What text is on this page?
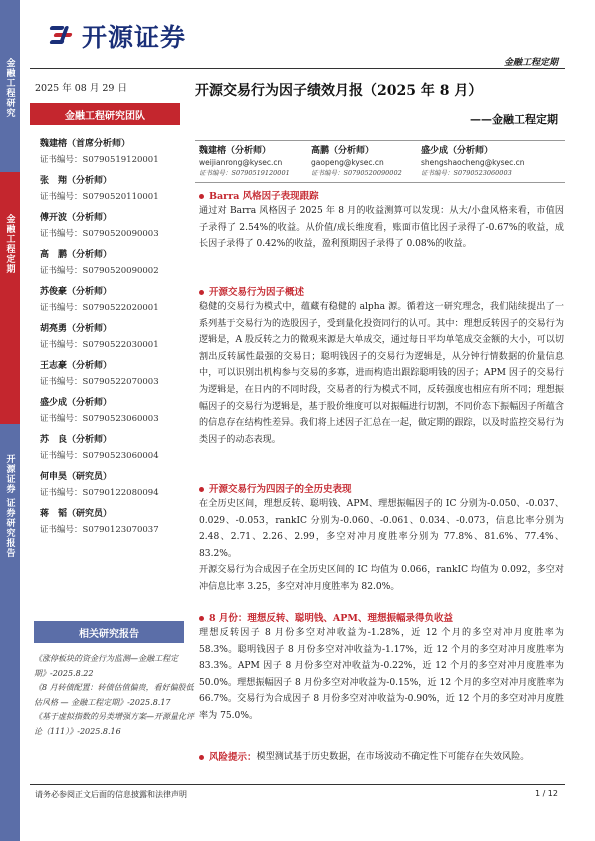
金融工程研究
金融工程定期
开源证券 证券研究报告
开源证券
金融工程定期
2025 年 08 月 29 日
金融工程研究团队
魏建榕（首席分析师）
证书编号：S0790519120001
张　翔（分析师）
证书编号：S0790520110001
傅开波（分析师）
证书编号：S0790520090003
高　鹏（分析师）
证书编号：S0790520090002
苏俊豪（分析师）
证书编号：S0790522020001
胡亮勇（分析师）
证书编号：S0790522030001
王志豪（分析师）
证书编号：S0790522070003
盛少成（分析师）
证书编号：S0790523060003
苏　良（分析师）
证书编号：S0790523060004
何申昊（研究员）
证书编号：S0790122080094
蒋　韬（研究员）
证书编号：S0790123070037
相关研究报告

《涨停板块的资金行为监测—金融工程定期》-2025.8.22

《8 月转债配置：转债估值偏贵，看好偏股低估风格 — 金融工程定期》-2025.8.17

《基于虚拟指数的另类增强方案—开源量化评论（111）》-2025.8.16

开源交易行为因子绩效月报（2025 年 8 月）
——金融工程定期
魏建榕（分析师）
weijianrong@kysec.cn
证书编号：S0790519120001
高鹏（分析师）
gaopeng@kysec.cn
证书编号：S0790520090002
盛少成（分析师）
shengshaocheng@kysec.cn
证书编号：S0790523060003
Barra 风格因子表现跟踪
通过对 Barra 风格因子 2025 年 8 月的收益测算可以发现：从大/小盘风格来看，市值因子录得了 2.54%的收益。从价值/成长维度看，账面市值比因子录得了-0.67%的收益，成长因子录得了 0.42%的收益，盈利预期因子录得了 0.08%的收益。
开源交易行为因子概述
稳健的交易行为模式中，蕴藏有稳健的 alpha 源。循着这一研究理念，我们陆续提出了一系列基于交易行为的选股因子，受到量化投资同行的认可。其中：理想反转因子的交易行为逻辑是，A 股反转之力的微观来源是大单成交，通过每日平均单笔成交金额的大小，可以切割出反转属性最强的交易日；聪明钱因子的交易行为逻辑是，从分钟行情数据的价量信息中，可以识别出机构参与交易的多寡，进而构造出跟踪聪明钱的因子；APM 因子的交易行为逻辑是，在日内的不同时段，交易者的行为模式不同，反转强度也相应有所不同；理想振幅因子的交易行为逻辑是，基于股价维度可以对振幅进行切割，不同价态下振幅因子所蕴含的信息存在结构性差异。我们将上述因子汇总在一起，做定期的跟踪，以及时监控交易行为类因子的动态表现。
开源交易行为四因子的全历史表现
在全历史区间，理想反转、聪明钱、APM、理想振幅因子的 IC 分别为-0.050、-0.037、0.029、-0.053，rankIC 分别为-0.060、-0.061、0.034、-0.073，信息比率分别为 2.48、2.71、2.26、2.99，多空对冲月度胜率分别为 77.8%、81.6%、77.4%、83.2%。
开源交易行为合成因子在全历史区间的 IC 均值为 0.066，rankIC 均值为 0.092，多空对冲信息比率 3.25，多空对冲月度胜率为 82.0%。
8 月份：理想反转、聪明钱、APM、理想振幅录得负收益
理想反转因子 8 月份多空对冲收益为-1.28%，近 12 个月的多空对冲月度胜率为 58.3%。聪明钱因子 8 月份多空对冲收益为-1.17%，近 12 个月的多空对冲月度胜率为 83.3%。APM 因子 8 月份多空对冲收益为-0.22%，近 12 个月的多空对冲月度胜率为 50.0%。理想振幅因子 8 月份多空对冲收益为-0.15%，近 12 个月的多空对冲月度胜率为 66.7%。交易行为合成因子 8 月份多空对冲收益为-0.90%，近 12 个月的多空对冲月度胜率为 75.0%。
风险提示： 模型测试基于历史数据，在市场波动不确定性下可能存在失效风险。
请务必参阅正文后面的信息披露和法律声明	1 / 12
